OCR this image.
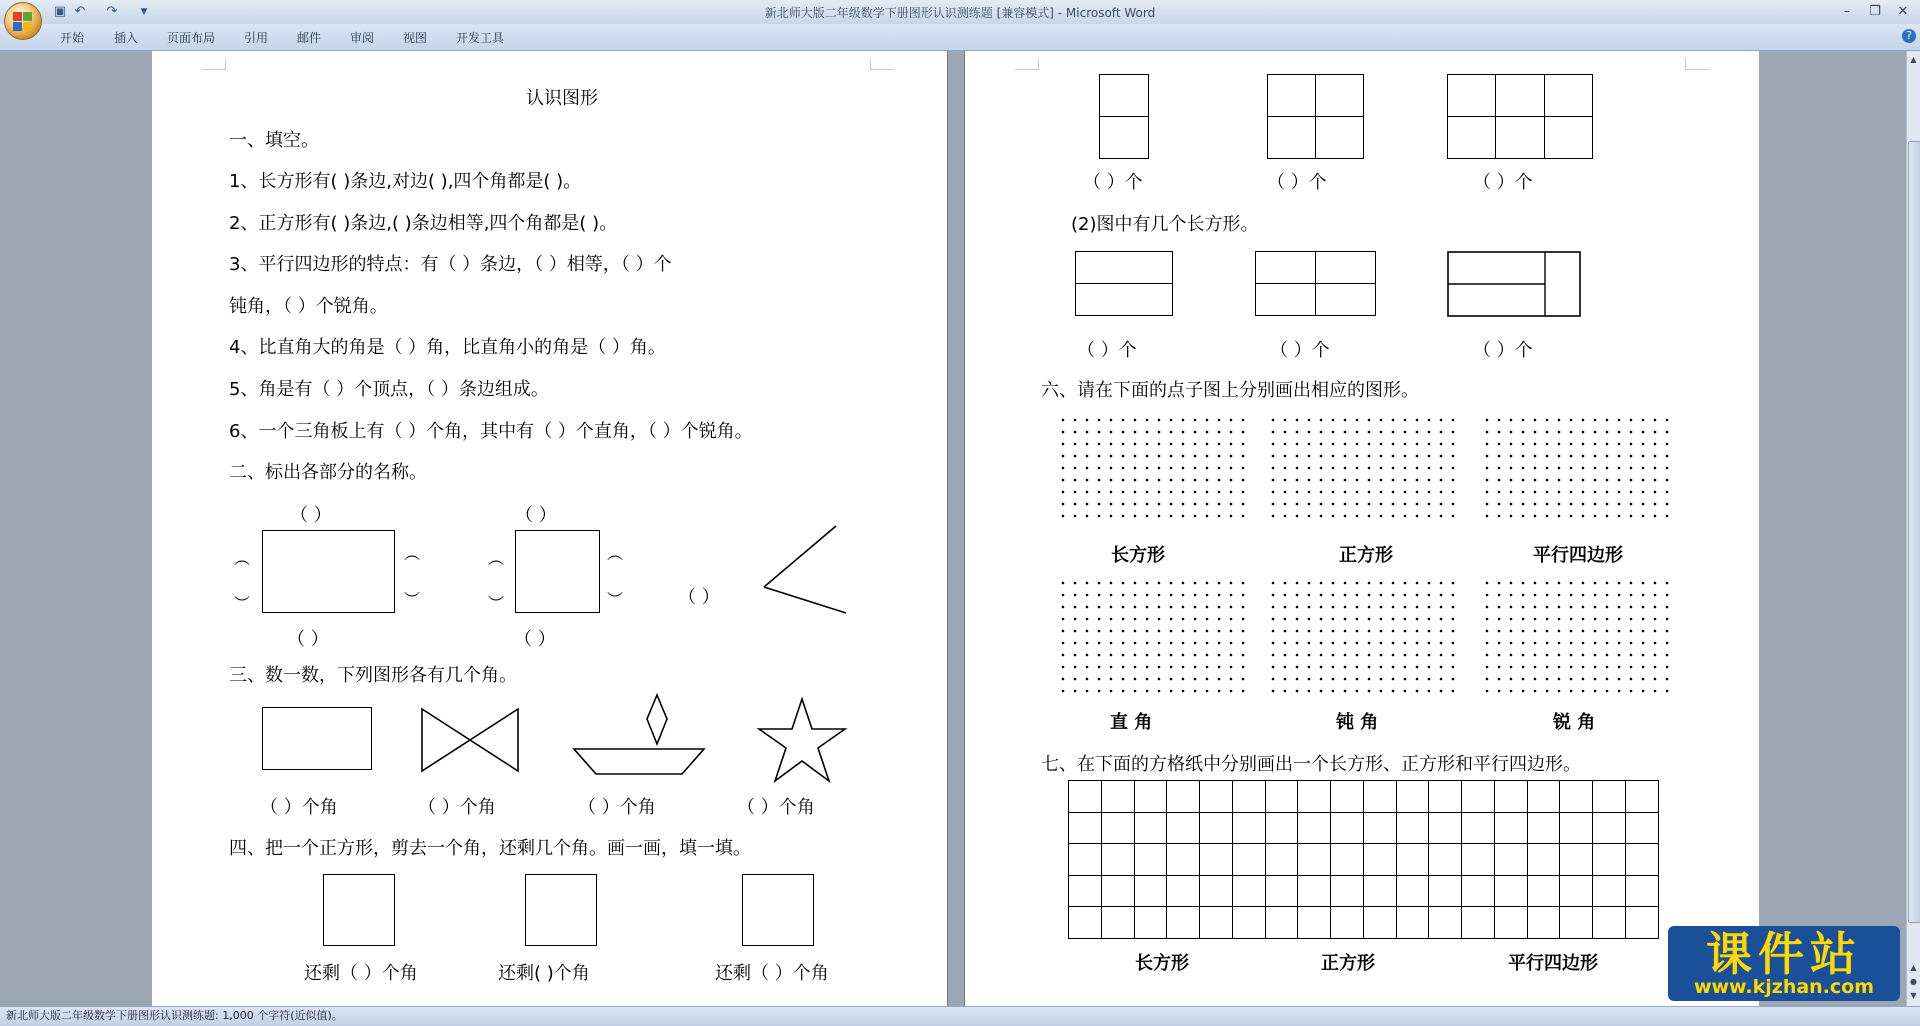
▣ ↶ ↷	▼	新北师大版二年级数学下册图形认识测练题 [兼容模式] - Microsoft Word	–	❐ ✕
开始 插入 页面布局 引用 邮件 审阅 视图 开发工具	?
认识图形
一、填空。
1、长方形有( )条边,对边( ),四个角都是( )。
2、正方形有( )条边,( )条边相等,四个角都是( )。
3、平行四边形的特点：有（ ）条边，（ ）相等，（ ）个
钝角，（ ）个锐角。
4、比直角大的角是（ ）角，比直角小的角是（ ）角。
5、角是有（ ）个顶点，（ ）条边组成。
6、一个三角板上有（ ）个角，其中有（ ）个直角，（ ）个锐角。
二、标出各部分的名称。
（ ）
︵
︶
︵
︶
（ ）
（ ）
︵
︶
︵
︶
（ ）
（ ）
三、数一数，下列图形各有几个角。
（ ）个角	（ ）个角	（ ）个角	（ ）个角
四、把一个正方形，剪去一个角，还剩几个角。画一画，填一填。
还剩（ ）个角	还剩( )个角	还剩（ ）个角

（ ）个	（ ）个	（ ）个
(2)图中有几个长方形。

（ ）个	（ ）个	（ ）个
六、请在下面的点子图上分别画出相应的图形。
长方形	正方形	平行四边形
直 角	钝 角	锐 角
七、在下面的方格纸中分别画出一个长方形、正方形和平行四边形。

长方形	正方形	平行四边形
▲
▲
●
▼
新北师大版二年级数学下册图形认识测练题: 1,000 个字符(近似值)。
课件站
www.kjzhan.com
